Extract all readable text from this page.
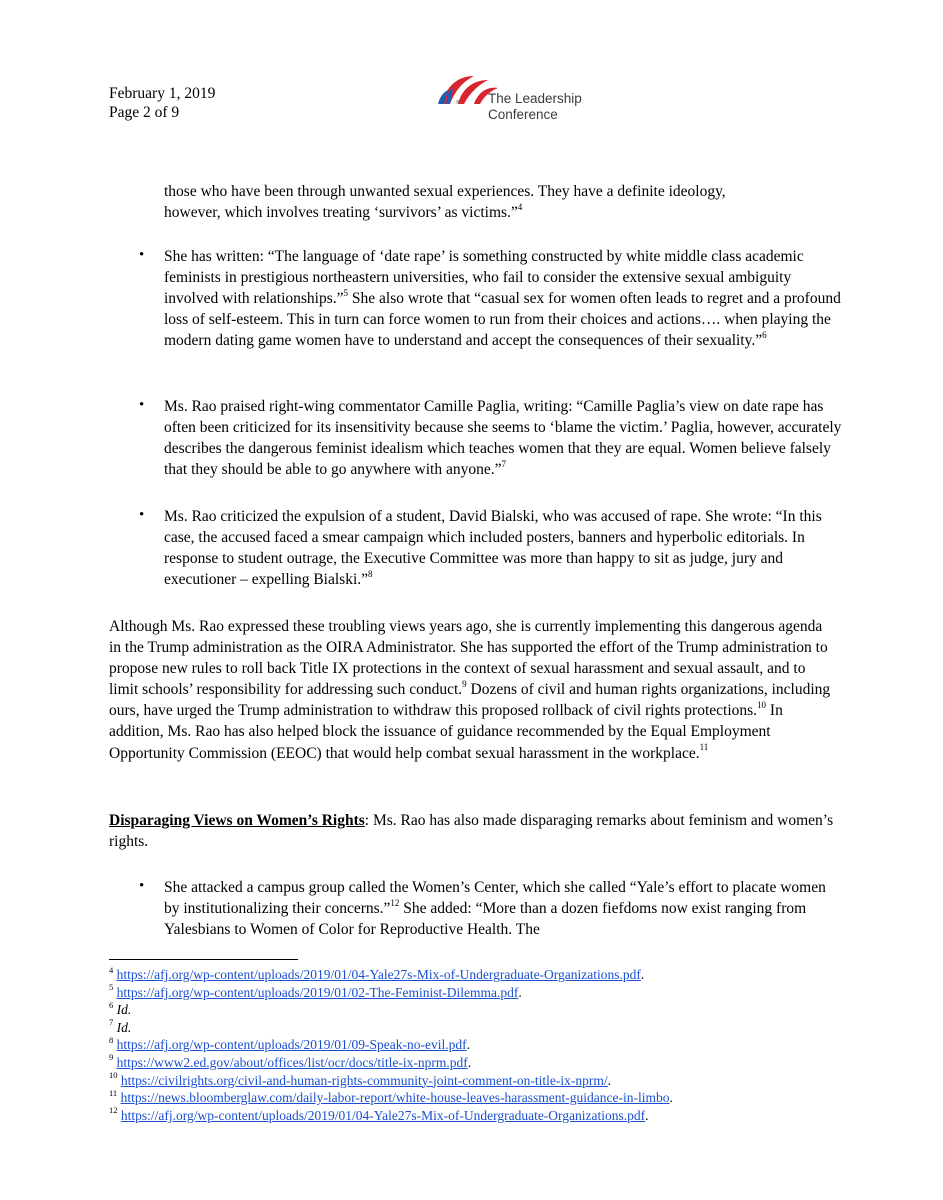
February 1, 2019
Page 2 of 9
® The Leadership
Conference
those who have been through unwanted sexual experiences. They have a definite ideology,
however, which involves treating ‘survivors’ as victims.”$^4$
• She has written: “The language of ‘date rape’ is something constructed by white middle class academic feminists in prestigious northeastern universities, who fail to consider the extensive sexual ambiguity involved with relationships.”$^5$ She also wrote that “casual sex for women often leads to regret and a profound loss of self-esteem. This in turn can force women to run from their choices and actions…. when playing the modern dating game women have to understand and accept the consequences of their sexuality.”$^6$
• Ms. Rao praised right-wing commentator Camille Paglia, writing: “Camille Paglia’s view on date rape has often been criticized for its insensitivity because she seems to ‘blame the victim.’ Paglia, however, accurately describes the dangerous feminist idealism which teaches women that they are equal. Women believe falsely that they should be able to go anywhere with anyone.”$^7$
• Ms. Rao criticized the expulsion of a student, David Bialski, who was accused of rape. She wrote: “In this case, the accused faced a smear campaign which included posters, banners and hyperbolic editorials. In response to student outrage, the Executive Committee was more than happy to sit as judge, jury and executioner – expelling Bialski.”$^8$
Although Ms. Rao expressed these troubling views years ago, she is currently implementing this dangerous agenda in the Trump administration as the OIRA Administrator. She has supported the effort of the Trump administration to propose new rules to roll back Title IX protections in the context of sexual harassment and sexual assault, and to limit schools’ responsibility for addressing such conduct.$^9$ Dozens of civil and human rights organizations, including ours, have urged the Trump administration to withdraw this proposed rollback of civil rights protections.$^{10}$ In addition, Ms. Rao has also helped block the issuance of guidance recommended by the Equal Employment Opportunity Commission (EEOC) that would help combat sexual harassment in the workplace.$^{11}$
Disparaging Views on Women’s Rights: Ms. Rao has also made disparaging remarks about feminism and women’s rights.
• She attacked a campus group called the Women’s Center, which she called “Yale’s effort to placate women by institutionalizing their concerns.”$^{12}$ She added: “More than a dozen fiefdoms now exist ranging from Yalesbians to Women of Color for Reproductive Health. The
$^4$ https://afj.org/wp-content/uploads/2019/01/04-Yale27s-Mix-of-Undergraduate-Organizations.pdf.
$^5$ https://afj.org/wp-content/uploads/2019/01/02-The-Feminist-Dilemma.pdf.
$^6$ Id.
$^7$ Id.
$^8$ https://afj.org/wp-content/uploads/2019/01/09-Speak-no-evil.pdf.
$^9$ https://www2.ed.gov/about/offices/list/ocr/docs/title-ix-nprm.pdf.
$^{10}$ https://civilrights.org/civil-and-human-rights-community-joint-comment-on-title-ix-nprm/.
$^{11}$ https://news.bloomberglaw.com/daily-labor-report/white-house-leaves-harassment-guidance-in-limbo.
$^{12}$ https://afj.org/wp-content/uploads/2019/01/04-Yale27s-Mix-of-Undergraduate-Organizations.pdf.
